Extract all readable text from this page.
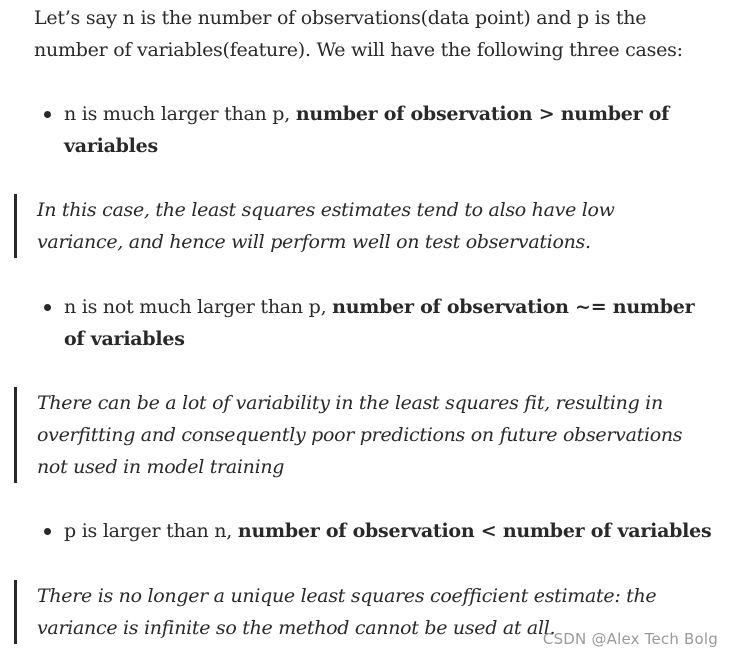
Let’s say n is the number of observations(data point) and p is the number of variables(feature). We will have the following three cases:

n is much larger than p, number of observation > number of variables

In this case, the least squares estimates tend to also have low variance, and hence will perform well on test observations.

n is not much larger than p, number of observation ~= number of variables

There can be a lot of variability in the least squares fit, resulting in overfitting and consequently poor predictions on future observations not used in model training

p is larger than n, number of observation < number of variables

There is no longer a unique least squares coefficient estimate: the variance is infinite so the method cannot be used at all.
CSDN @Alex Tech Bolg
